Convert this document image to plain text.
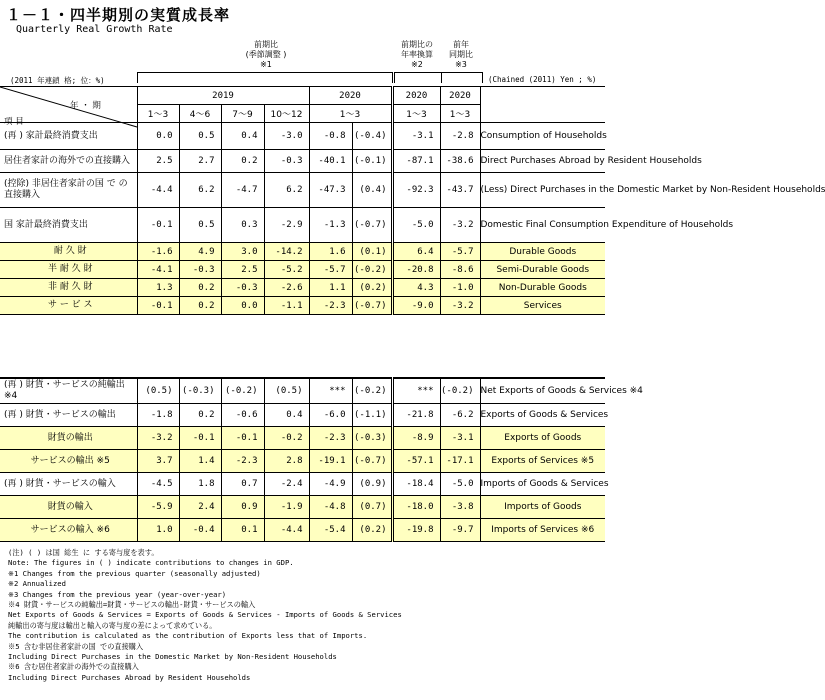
１－１・四半期別の実質成長率
Quarterly Real Growth Rate
前期比
(季節調整 )
※1
前期比の
年率換算
※2
前年
同期比
※3
(2011 年連鎖 格; 位：%)	(Chained (2011) Yen ; %)
年 ・ 期
項 目	2019				2020		2020	2020	
	1～3	4～6	7～9	10～12	1～3		1～3	1～3	
(再 ) 家計最終消費支出	0.0	0.5	0.4	-3.0	-0.8	(-0.4)	-3.1	-2.8	Consumption of Households
居住者家計の海外での直接購入	2.5	2.7	0.2	-0.3	-40.1	(-0.1)	-87.1	-38.6	Direct Purchases Abroad by Resident Households
(控除) 非居住者家計の国 で の直接購入	-4.4	6.2	-4.7	6.2	-47.3	(0.4)	-92.3	-43.7	(Less) Direct Purchases in the Domestic Market by Non-Resident Households
国 家計最終消費支出	-0.1	0.5	0.3	-2.9	-1.3	(-0.7)	-5.0	-3.2	Domestic Final Consumption Expenditure of Households
耐 久 財	-1.6	4.9	3.0	-14.2	1.6	(0.1)	6.4	-5.7	Durable Goods
半 耐 久 財	-4.1	-0.3	2.5	-5.2	-5.7	(-0.2)	-20.8	-8.6	Semi-Durable Goods
非 耐 久 財	1.3	0.2	-0.3	-2.6	1.1	(0.2)	4.3	-1.0	Non-Durable Goods
サ ー ビ ス	-0.1	0.2	0.0	-1.1	-2.3	(-0.7)	-9.0	-3.2	Services
(再 ) 財貨・サービスの純輸出 ※4	(0.5)	(-0.3)	(-0.2)	(0.5)	***	(-0.2)	***	(-0.2)	Net Exports of Goods & Services ※4
(再 ) 財貨・サービスの輸出	-1.8	0.2	-0.6	0.4	-6.0	(-1.1)	-21.8	-6.2	Exports of Goods & Services
財貨の輸出	-3.2	-0.1	-0.1	-0.2	-2.3	(-0.3)	-8.9	-3.1	Exports of Goods
サービスの輸出 ※5	3.7	1.4	-2.3	2.8	-19.1	(-0.7)	-57.1	-17.1	Exports of Services ※5
(再 ) 財貨・サービスの輸入	-4.5	1.8	0.7	-2.4	-4.9	(0.9)	-18.4	-5.0	Imports of Goods & Services
財貨の輸入	-5.9	2.4	0.9	-1.9	-4.8	(0.7)	-18.0	-3.8	Imports of Goods
サービスの輸入 ※6	1.0	-0.4	0.1	-4.4	-5.4	(0.2)	-19.8	-9.7	Imports of Services ※6
(注) ( ) は国 総生 に する寄与度を表す。
Note: The figures in ( ) indicate contributions to changes in GDP.
※1 Changes from the previous quarter (seasonally adjusted)
※2 Annualized
※3 Changes from the previous year (year-over-year)
※4 財貨・サービスの純輸出=財貨・サービスの輸出-財貨・サービスの輸入
Net Exports of Goods & Services = Exports of Goods & Services - Imports of Goods & Services
純輸出の寄与度は輸出と輸入の寄与度の差によって求めている。
The contribution is calculated as the contribution of Exports less that of Imports.
※5 含む非居住者家計の国 での直接購入
Including Direct Purchases in the Domestic Market by Non-Resident Households
※6 含む居住者家計の海外での直接購入
Including Direct Purchases Abroad by Resident Households
